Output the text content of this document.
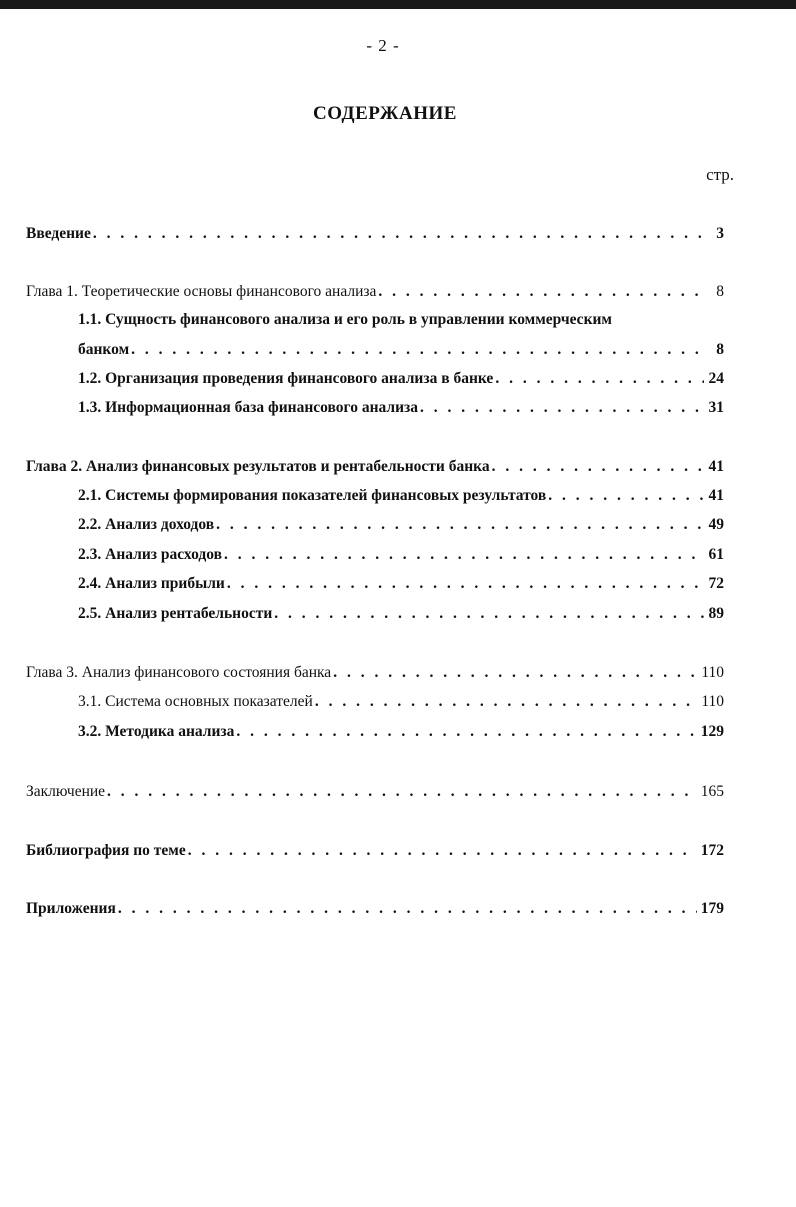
- 2 -
СОДЕРЖАНИЕ
стр.
Введение . . .	3
Глава 1. Теоретические основы финансового анализа . . .	8
1.1. Сущность финансового анализа и его роль в управлении коммерческим
банком . . .	8
1.2. Организация проведения финансового анализа в банке . . .	24
1.3. Информационная база финансового анализа . . .	31
Глава 2. Анализ финансовых результатов и рентабельности банка . . .	41
2.1. Системы формирования показателей финансовых результатов . . .	41
2.2. Анализ доходов . . .	49
2.3. Анализ расходов . . .	61
2.4. Анализ прибыли . . .	72
2.5. Анализ рентабельности . . .	89
Глава 3. Анализ финансового состояния банка . . .	110
3.1. Система основных показателей . . .	110
3.2. Методика анализа . . .	129
Заключение . . .	165
Библиография по теме . . .	172
Приложения . . .	179
